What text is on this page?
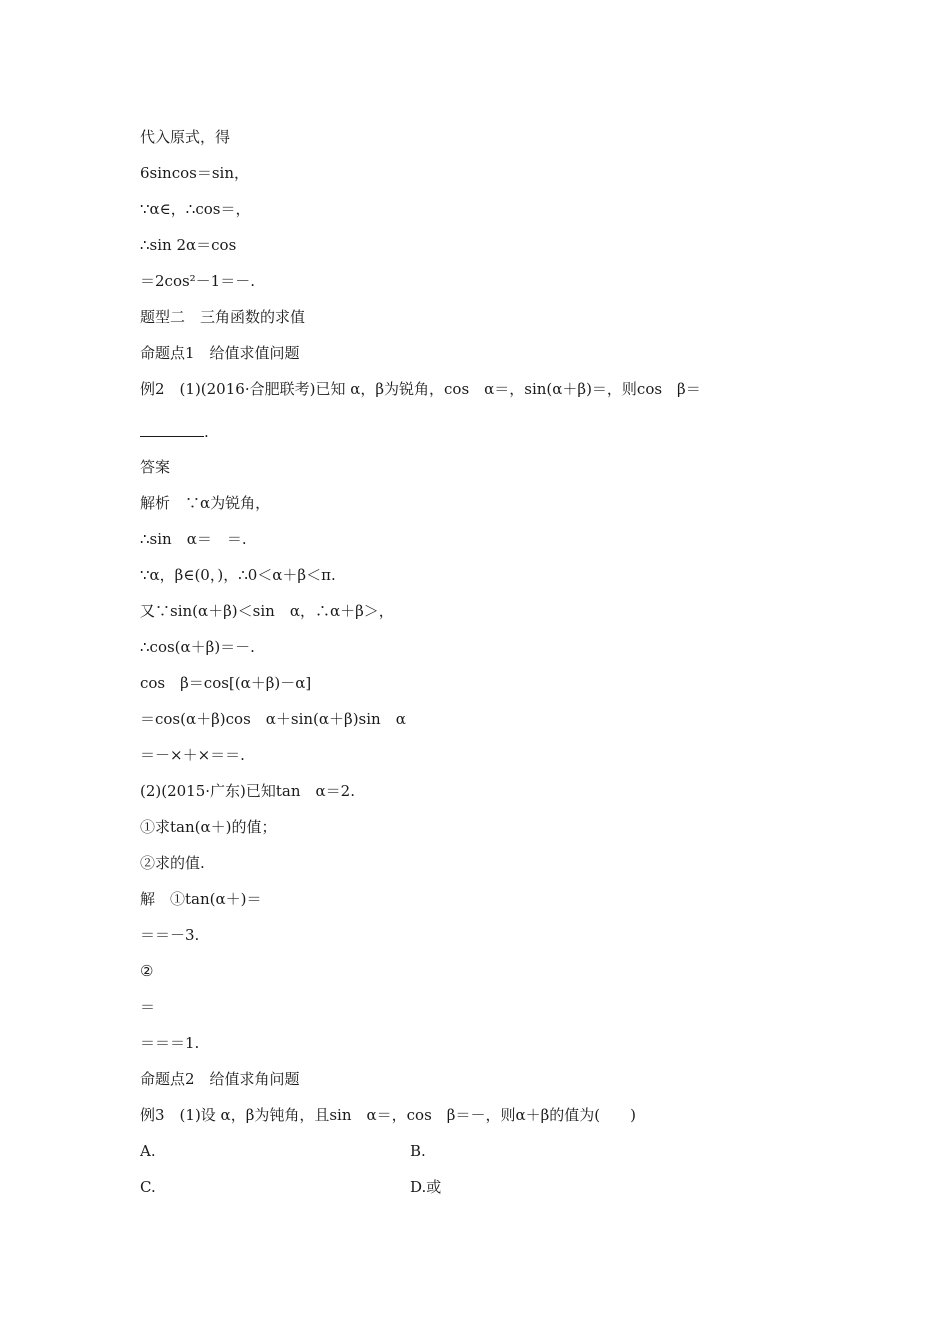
代入原式，得
6sincos＝sin，
∵α∈，∴cos＝，
∴sin 2α＝cos
＝2cos²－1＝－.
题型二　三角函数的求值
命题点1　给值求值问题
例2　(1)(2016·合肥联考)已知 α，β为锐角，cos　α＝，sin(α＋β)＝，则cos　β＝
.
答案
解析　∵α为锐角，
∴sin　α＝　＝.
∵α，β∈(0，)，∴0＜α＋β＜π.
又∵sin(α＋β)＜sin　α，∴α＋β＞，
∴cos(α＋β)＝－.
cos　β＝cos[(α＋β)－α]
＝cos(α＋β)cos　α＋sin(α＋β)sin　α
＝－×＋×＝＝.
(2)(2015·广东)已知tan　α＝2.
①求tan(α＋)的值；
②求的值.
解　①tan(α＋)＝
＝＝－3.
②
＝
＝＝＝1.
命题点2　给值求角问题
例3　(1)设 α，β为钝角，且sin　α＝，cos　β＝－，则α＋β的值为(　　)
A.	B.
C.	D.或
